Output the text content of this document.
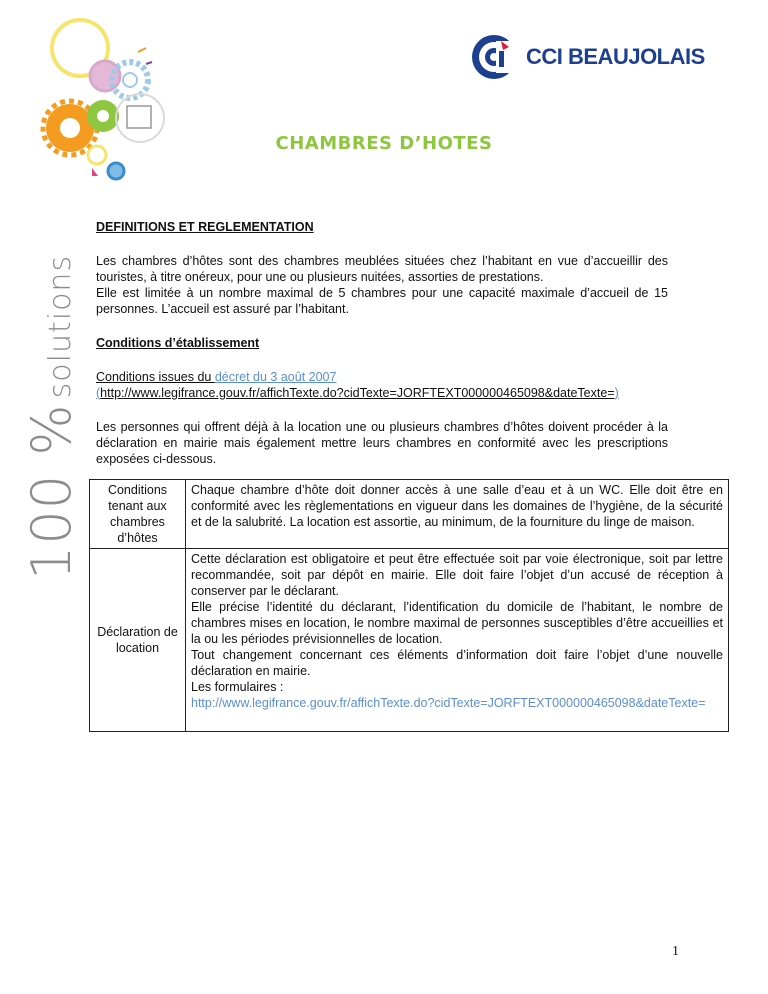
100 % solutions
CCI BEAUJOLAIS
CHAMBRES D’HOTES

DEFINITIONS ET REGLEMENTATION

Les chambres d’hôtes sont des chambres meublées situées chez l’habitant en vue d’accueillir des touristes, à titre onéreux, pour une ou plusieurs nuitées, assorties de prestations.

Elle est limitée à un nombre maximal de 5 chambres pour une capacité maximale d’accueil de 15 personnes. L’accueil est assuré par l’habitant.

Conditions d’établissement

Conditions issues du décret du 3 août 2007

(http://www.legifrance.gouv.fr/affichTexte.do?cidTexte=JORFTEXT000000465098&dateTexte=)

Les personnes qui offrent déjà à la location une ou plusieurs chambres d’hôtes doivent procéder à la déclaration en mairie mais également mettre leurs chambres en conformité avec les prescriptions exposées ci-dessous.

Conditions tenant aux chambres d’hôtes	Chaque chambre d’hôte doit donner accès à une salle d’eau et à un WC. Elle doit être en conformité avec les règlementations en vigueur dans les domaines de l’hygiène, de la sécurité et de la salubrité. La location est assortie, au minimum, de la fourniture du linge de maison.

Déclaration de location	Cette déclaration est obligatoire et peut être effectuée soit par voie électronique, soit par lettre recommandée, soit par dépôt en mairie. Elle doit faire l’objet d’un accusé de réception à conserver par le déclarant.
Elle précise l’identité du déclarant, l’identification du domicile de l’habitant, le nombre de chambres mises en location, le nombre maximal de personnes susceptibles d’être accueillies et la ou les périodes prévisionnelles de location.
Tout changement concernant ces éléments d’information doit faire l’objet d’une nouvelle déclaration en mairie.
Les formulaires :
http://www.legifrance.gouv.fr/affichTexte.do?cidTexte=JORFTEXT000000465098&dateTexte=
1
